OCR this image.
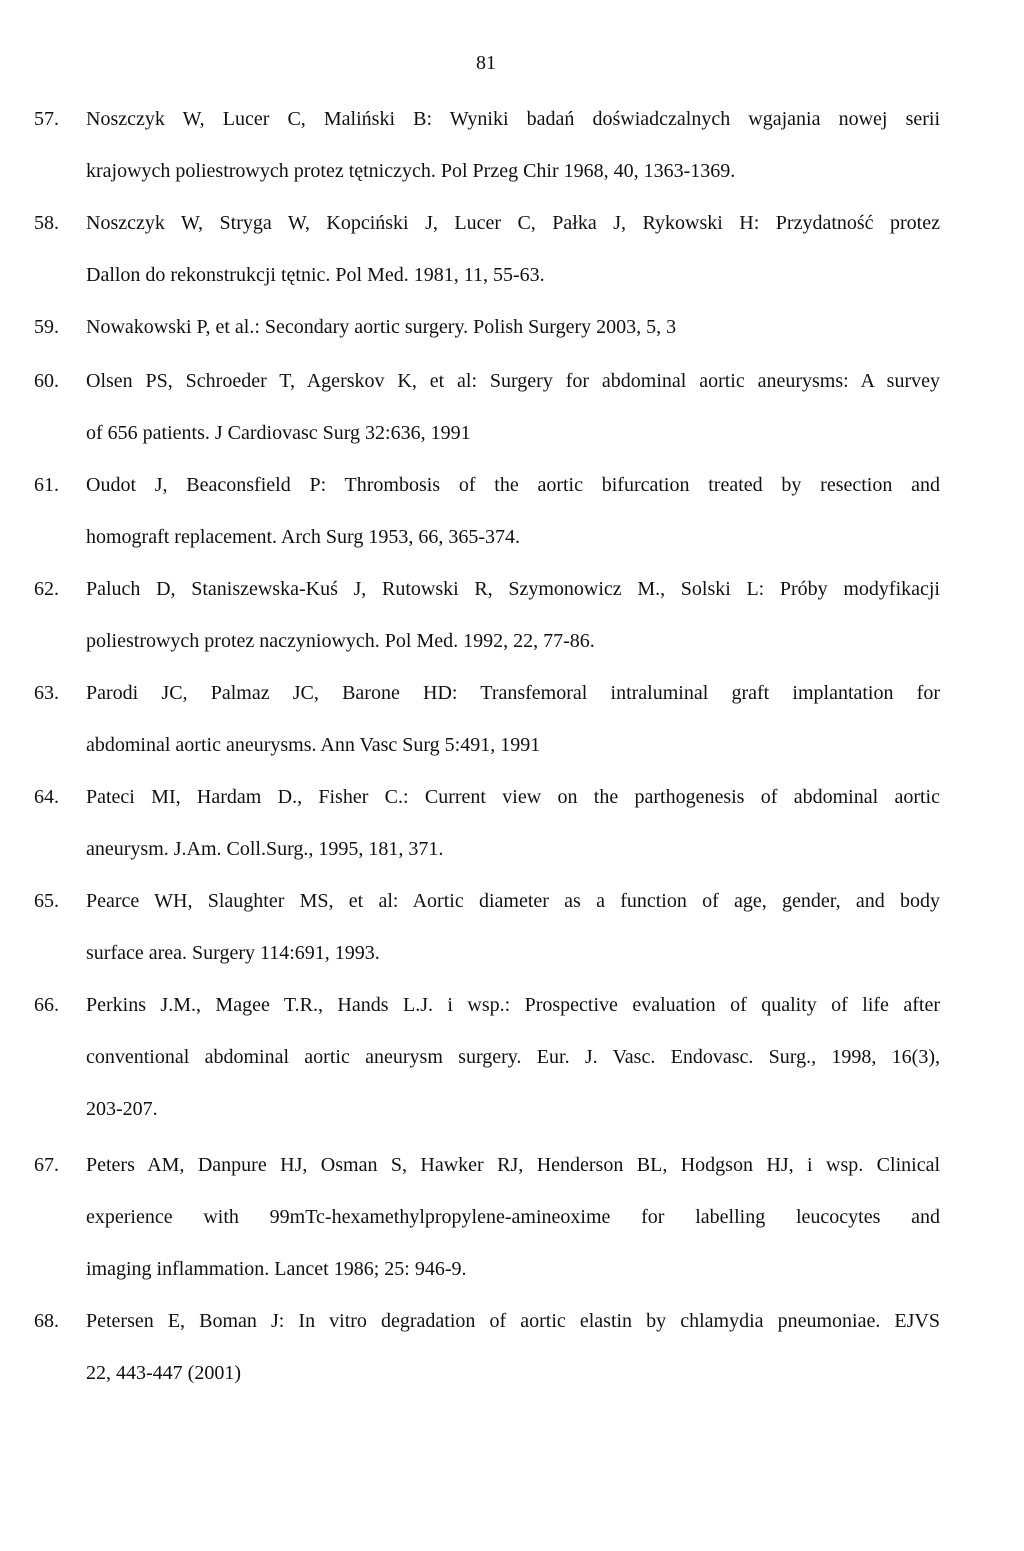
81
57. Noszczyk W, Lucer C, Maliński B: Wyniki badań doświadczalnych wgajania nowej serii
krajowych poliestrowych protez tętniczych. Pol Przeg Chir 1968, 40, 1363-1369.
58. Noszczyk W, Stryga W, Kopciński J, Lucer C, Pałka J, Rykowski H: Przydatność protez
Dallon do rekonstrukcji tętnic. Pol Med. 1981, 11, 55-63.
59. Nowakowski P, et al.: Secondary aortic surgery. Polish Surgery 2003, 5, 3
60. Olsen PS, Schroeder T, Agerskov K, et al: Surgery for abdominal aortic aneurysms: A survey
of 656 patients. J Cardiovasc Surg 32:636, 1991
61. Oudot J, Beaconsfield P: Thrombosis of the aortic bifurcation treated by resection and
homograft replacement. Arch Surg 1953, 66, 365-374.
62. Paluch D, Staniszewska-Kuś J, Rutowski R, Szymonowicz M., Solski L: Próby modyfikacji
poliestrowych protez naczyniowych. Pol Med. 1992, 22, 77-86.
63. Parodi JC, Palmaz JC, Barone HD: Transfemoral intraluminal graft implantation for
abdominal aortic aneurysms. Ann Vasc Surg 5:491, 1991
64. Pateci MI, Hardam D., Fisher C.: Current view on the parthogenesis of abdominal aortic
aneurysm. J.Am. Coll.Surg., 1995, 181, 371.
65. Pearce WH, Slaughter MS, et al: Aortic diameter as a function of age, gender, and body
surface area. Surgery 114:691, 1993.
66. Perkins J.M., Magee T.R., Hands L.J. i wsp.: Prospective evaluation of quality of life after
conventional abdominal aortic aneurysm surgery. Eur. J. Vasc. Endovasc. Surg., 1998, 16(3),
203-207.
67. Peters AM, Danpure HJ, Osman S, Hawker RJ, Henderson BL, Hodgson HJ, i wsp. Clinical
experience with 99mTc-hexamethylpropylene-amineoxime for labelling leucocytes and
imaging inflammation. Lancet 1986; 25: 946-9.
68. Petersen E, Boman J: In vitro degradation of aortic elastin by chlamydia pneumoniae. EJVS
22, 443-447 (2001)
